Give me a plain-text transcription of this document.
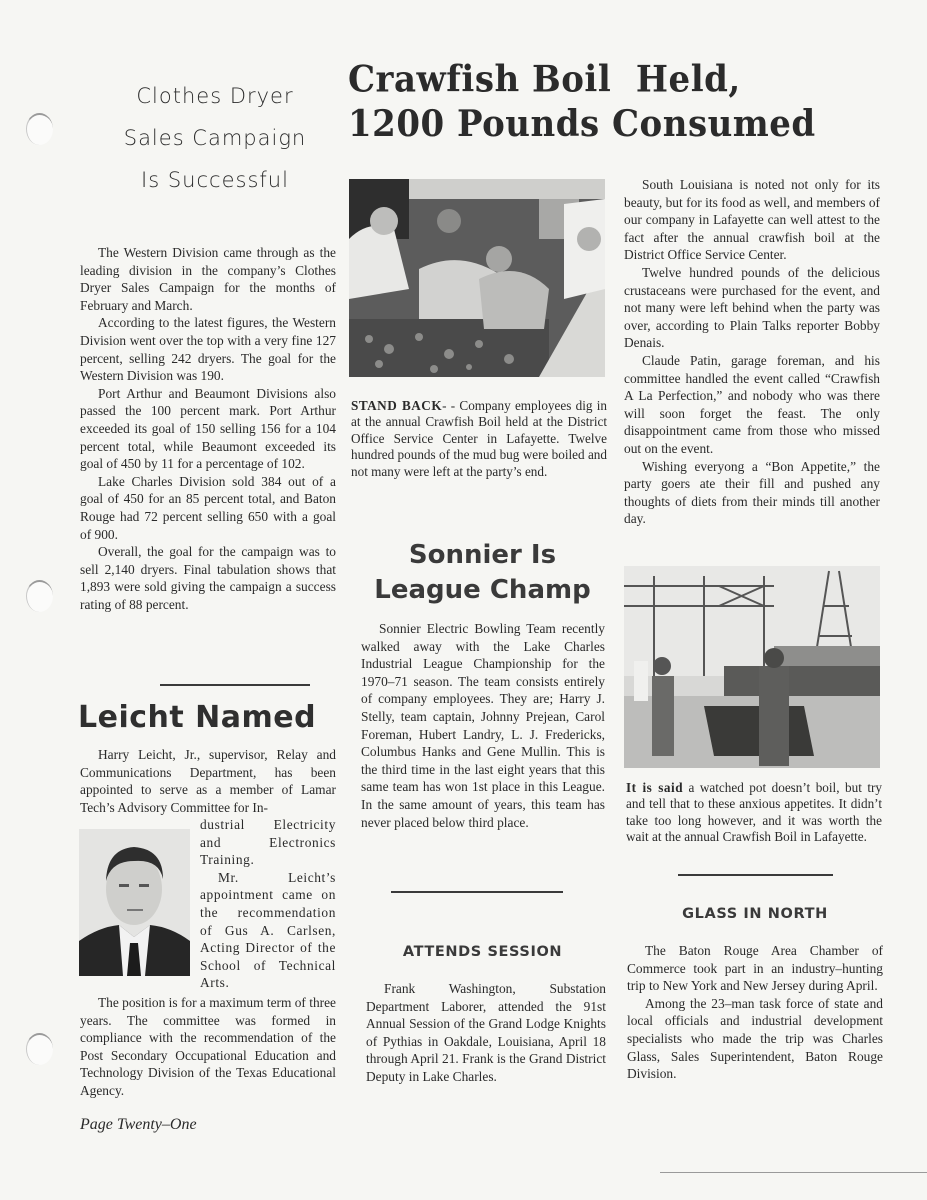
Clothes Dryer
Sales Campaign
Is Successful

The Western Division came through as the leading division in the company’s Clothes Dryer Sales Campaign for the months of February and March.

According to the latest figures, the Western Division went over the top with a very fine 127 percent, selling 242 dryers. The goal for the Western Division was 190.

Port Arthur and Beaumont Divisions also passed the 100 percent mark. Port Arthur exceeded its goal of 150 selling 156 for a 104 percent total, while Beaumont exceeded its goal of 450 by 11 for a percentage of 102.

Lake Charles Division sold 384 out of a goal of 450 for an 85 percent total, and Baton Rouge had 72 percent selling 650 with a goal of 900.

Overall, the goal for the campaign was to sell 2,140 dryers. Final tabulation shows that 1,893 were sold giving the campaign a success rating of 88 percent.

Leicht Named

Harry Leicht, Jr., supervisor, Relay and Communications Department, has been appointed to serve as a member of Lamar Tech’s Advisory Committee for In-

dustrial Electricity and Electronics Training.

Mr. Leicht’s appointment came on the recommendation of Gus A. Carlsen, Acting Director of the School of Technical Arts.

The position is for a maximum term of three years. The committee was formed in compliance with the recommendation of the Post Secondary Occupational Education and Technology Division of the Texas Educational Agency.

Page Twenty–One
Crawfish Boil  Held,
1200 Pounds Consumed
STAND BACK- - Company employees dig in at the annual Crawfish Boil held at the District Office Service Center in Lafayette. Twelve hundred pounds of the mud bug were boiled and not many were left at the party’s end.
Sonnier Is
League Champ

Sonnier Electric Bowling Team recently walked away with the Lake Charles Industrial League Championship for the 1970–71 season. The team consists entirely of company employees. They are; Harry J. Stelly, team captain, Johnny Prejean, Carol Foreman, Hubert Landry, L. J. Fredericks, Columbus Hanks and Gene Mullin. This is the third time in the last eight years that this same team has won 1st place in this League. In the same amount of years, this team has never placed below third place.

ATTENDS SESSION

Frank Washington, Substation Department Laborer, attended the 91st Annual Session of the Grand Lodge Knights of Pythias in Oakdale, Louisiana, April 18 through April 21. Frank is the Grand District Deputy in Lake Charles.

South Louisiana is noted not only for its beauty, but for its food as well, and members of our company in Lafayette can well attest to the fact after the annual crawfish boil at the District Office Service Center.

Twelve hundred pounds of the delicious crustaceans were purchased for the event, and not many were left behind when the party was over, according to Plain Talks reporter Bobby Denais.

Claude Patin, garage foreman, and his committee handled the event called “Crawfish A La Perfection,” and nobody who was there will soon forget the feast. The only disappointment came from those who missed out on the event.

Wishing everyong a “Bon Appetite,” the party goers ate their fill and pushed any thoughts of diets from their minds till another day.

It is said a watched pot doesn’t boil, but try and tell that to these anxious appetites. It didn’t take too long however, and it was worth the wait at the annual Crawfish Boil in Lafayette.
GLASS IN NORTH

The Baton Rouge Area Chamber of Commerce took part in an industry–hunting trip to New York and New Jersey during April.

Among the 23–man task force of state and local officials and industrial development specialists who made the trip was Charles Glass, Sales Superintendent, Baton Rouge Division.
